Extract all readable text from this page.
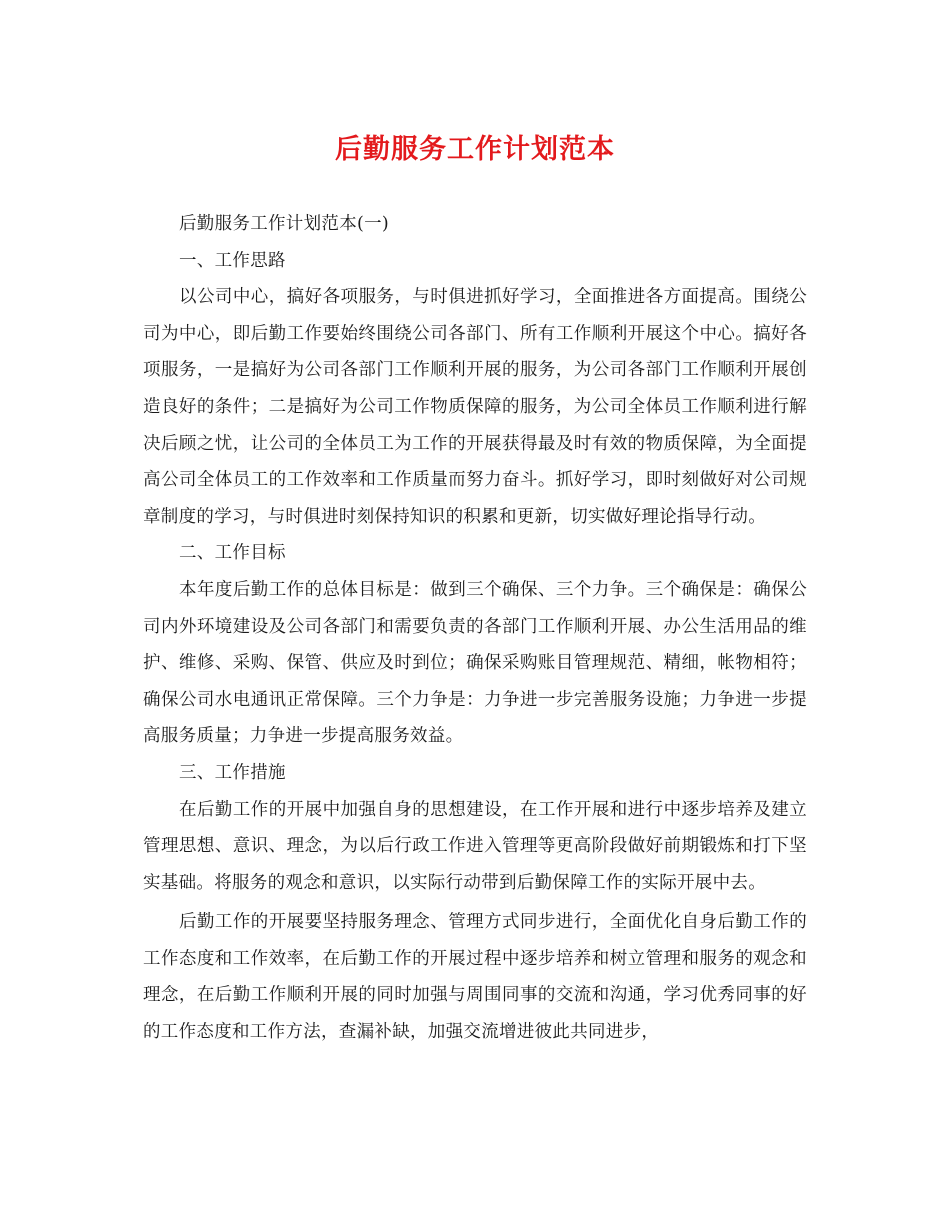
后勤服务工作计划范本

后勤服务工作计划范本(一)

一、工作思路

以公司中心，搞好各项服务，与时俱进抓好学习，全面推进各方面提高。围绕公司为中心，即后勤工作要始终围绕公司各部门、所有工作顺利开展这个中心。搞好各项服务，一是搞好为公司各部门工作顺利开展的服务，为公司各部门工作顺利开展创造良好的条件；二是搞好为公司工作物质保障的服务，为公司全体员工作顺利进行解决后顾之忧，让公司的全体员工为工作的开展获得最及时有效的物质保障，为全面提高公司全体员工的工作效率和工作质量而努力奋斗。抓好学习，即时刻做好对公司规章制度的学习，与时俱进时刻保持知识的积累和更新，切实做好理论指导行动。

二、工作目标

本年度后勤工作的总体目标是：做到三个确保、三个力争。三个确保是：确保公司内外环境建设及公司各部门和需要负责的各部门工作顺利开展、办公生活用品的维护、维修、采购、保管、供应及时到位；确保采购账目管理规范、精细，帐物相符；确保公司水电通讯正常保障。三个力争是：力争进一步完善服务设施；力争进一步提高服务质量；力争进一步提高服务效益。

三、工作措施

在后勤工作的开展中加强自身的思想建设，在工作开展和进行中逐步培养及建立管理思想、意识、理念，为以后行政工作进入管理等更高阶段做好前期锻炼和打下坚实基础。将服务的观念和意识，以实际行动带到后勤保障工作的实际开展中去。

后勤工作的开展要坚持服务理念、管理方式同步进行，全面优化自身后勤工作的工作态度和工作效率，在后勤工作的开展过程中逐步培养和树立管理和服务的观念和理念，在后勤工作顺利开展的同时加强与周围同事的交流和沟通，学习优秀同事的好的工作态度和工作方法，查漏补缺，加强交流增进彼此共同进步，
